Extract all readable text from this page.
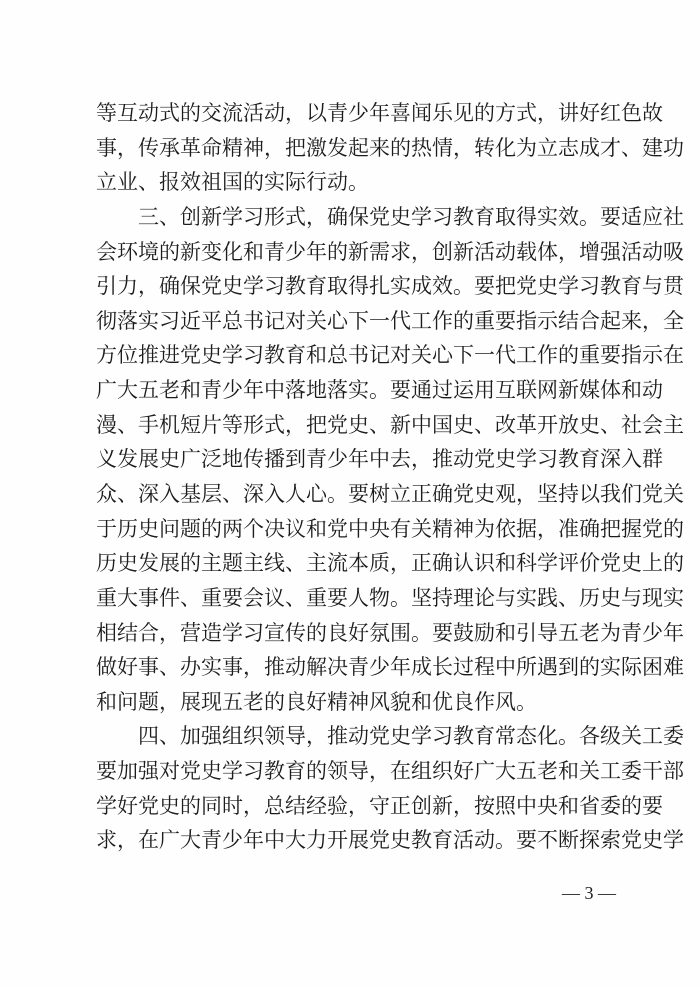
等互动式的交流活动，以青少年喜闻乐见的方式，讲好红色故
事，传承革命精神，把激发起来的热情，转化为立志成才、建功
立业、报效祖国的实际行动。
三、创新学习形式，确保党史学习教育取得实效。要适应社
会环境的新变化和青少年的新需求，创新活动载体，增强活动吸
引力，确保党史学习教育取得扎实成效。要把党史学习教育与贯
彻落实习近平总书记对关心下一代工作的重要指示结合起来，全
方位推进党史学习教育和总书记对关心下一代工作的重要指示在
广大五老和青少年中落地落实。要通过运用互联网新媒体和动
漫、手机短片等形式，把党史、新中国史、改革开放史、社会主
义发展史广泛地传播到青少年中去，推动党史学习教育深入群
众、深入基层、深入人心。要树立正确党史观，坚持以我们党关
于历史问题的两个决议和党中央有关精神为依据，准确把握党的
历史发展的主题主线、主流本质，正确认识和科学评价党史上的
重大事件、重要会议、重要人物。坚持理论与实践、历史与现实
相结合，营造学习宣传的良好氛围。要鼓励和引导五老为青少年
做好事、办实事，推动解决青少年成长过程中所遇到的实际困难
和问题，展现五老的良好精神风貌和优良作风。
四、加强组织领导，推动党史学习教育常态化。各级关工委
要加强对党史学习教育的领导，在组织好广大五老和关工委干部
学好党史的同时，总结经验，守正创新，按照中央和省委的要
求，在广大青少年中大力开展党史教育活动。要不断探索党史学
— 3 —
